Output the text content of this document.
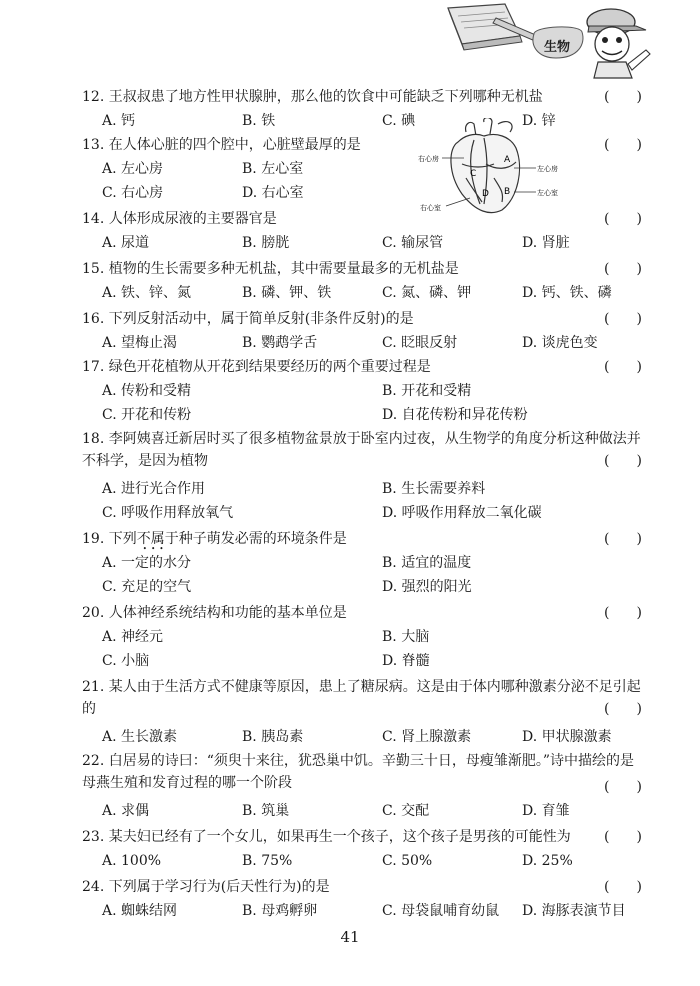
生物
C
A
D B
右心房
左心房
右心室
左心室
12. 王叔叔患了地方性甲状腺肿，那么他的饮食中可能缺乏下列哪种无机盐	( )
A. 钙	B. 铁	C. 碘	D. 锌
13. 在人体心脏的四个腔中，心脏壁最厚的是	( )
A. 左心房	B. 左心室
C. 右心房	D. 右心室
14. 人体形成尿液的主要器官是	( )
A. 尿道	B. 膀胱	C. 输尿管	D. 肾脏
15. 植物的生长需要多种无机盐，其中需要量最多的无机盐是	( )
A. 铁、锌、氮	B. 磷、钾、铁	C. 氮、磷、钾	D. 钙、铁、磷
16. 下列反射活动中，属于简单反射(非条件反射)的是	( )
A. 望梅止渴	B. 鹦鹉学舌	C. 眨眼反射	D. 谈虎色变
17. 绿色开花植物从开花到结果要经历的两个重要过程是	( )
A. 传粉和受精	B. 开花和受精
C. 开花和传粉	D. 自花传粉和异花传粉
18. 李阿姨喜迁新居时买了很多植物盆景放于卧室内过夜，从生物学的角度分析这种做法并不科学，是因为植物	( )
A. 进行光合作用	B. 生长需要养料
C. 呼吸作用释放氧气	D. 呼吸作用释放二氧化碳
19. 下列不属于 • • •种子萌发必需的环境条件是	( )
A. 一定的水分	B. 适宜的温度
C. 充足的空气	D. 强烈的阳光
20. 人体神经系统结构和功能的基本单位是	( )
A. 神经元	B. 大脑
C. 小脑	D. 脊髓
21. 某人由于生活方式不健康等原因，患上了糖尿病。这是由于体内哪种激素分泌不足引起的	( )
A. 生长激素	B. 胰岛素	C. 肾上腺激素	D. 甲状腺激素
22. 白居易的诗曰：“须臾十来往，犹恐巢中饥。辛勤三十日，母瘦雏渐肥。”诗中描绘的是母燕生殖和发育过程的哪一个阶段
A. 求偶	B. 筑巢	C. 交配	D. 育雏
( )
23. 某夫妇已经有了一个女儿，如果再生一个孩子，这个孩子是男孩的可能性为 ( )
A. 100%	B. 75%	C. 50%	D. 25%
24. 下列属于学习行为(后天性行为)的是	( )
A. 蜘蛛结网	B. 母鸡孵卵	C. 母袋鼠哺育幼鼠 D. 海豚表演节目
41
